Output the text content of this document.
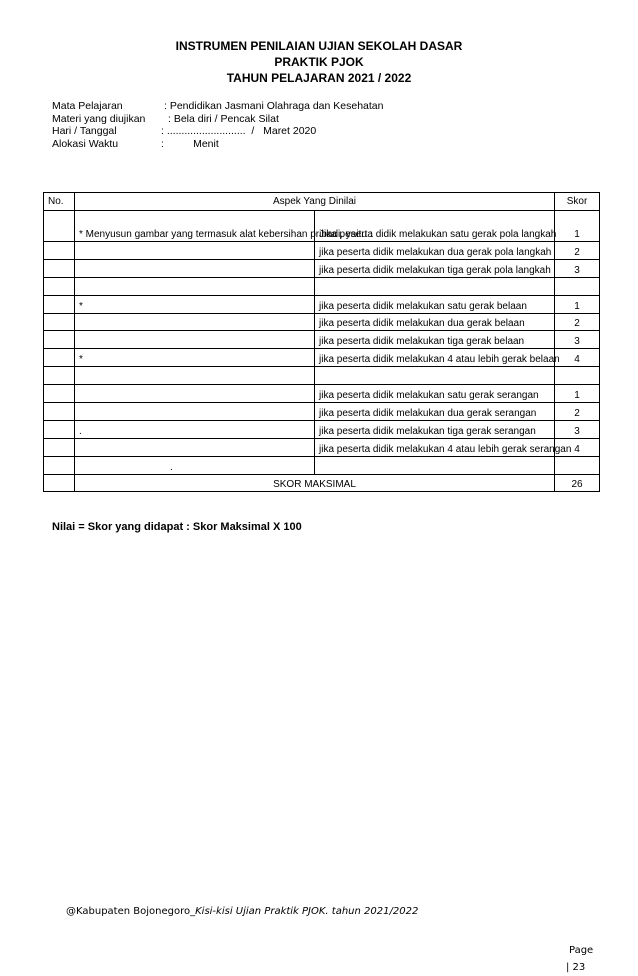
INSTRUMEN PENILAIAN UJIAN SEKOLAH DASAR
PRAKTIK PJOK
TAHUN PELAJARAN 2021 / 2022
Mata Pelajaran	: Pendidikan Jasmani Olahraga dan Kesehatan
Materi yang diujikan : Bela diri / Pencak Silat
Hari / Tanggal	: ...........................  /   Maret 2020
Alokasi Waktu	:          Menit
No.	Aspek Yang Dinilai		Skor
	* Menyusun gambar yang termasuk alat kebersihan pribadi, yaitu :	Jika peserta didik melakukan satu gerak pola langkah	1
		jika peserta didik melakukan dua gerak pola langkah	2
		jika peserta didik melakukan tiga gerak pola langkah	3

	*	jika peserta didik melakukan satu gerak belaan	1
		jika peserta didik melakukan dua gerak belaan	2
		jika peserta didik melakukan tiga gerak belaan	3
	*	jika peserta didik melakukan 4 atau lebih gerak belaan	4

		jika peserta didik melakukan satu gerak serangan	1
		jika peserta didik melakukan dua gerak serangan	2
	.	jika peserta didik melakukan tiga gerak serangan	3
		jika peserta didik melakukan 4 atau lebih gerak serangan	4
	.		
	SKOR MAKSIMAL		26
Nilai = Skor yang didapat : Skor Maksimal X 100
@Kabupaten Bojonegoro_Kisi-kisi Ujian Praktik PJOK. tahun 2021/2022
Page
| 23
